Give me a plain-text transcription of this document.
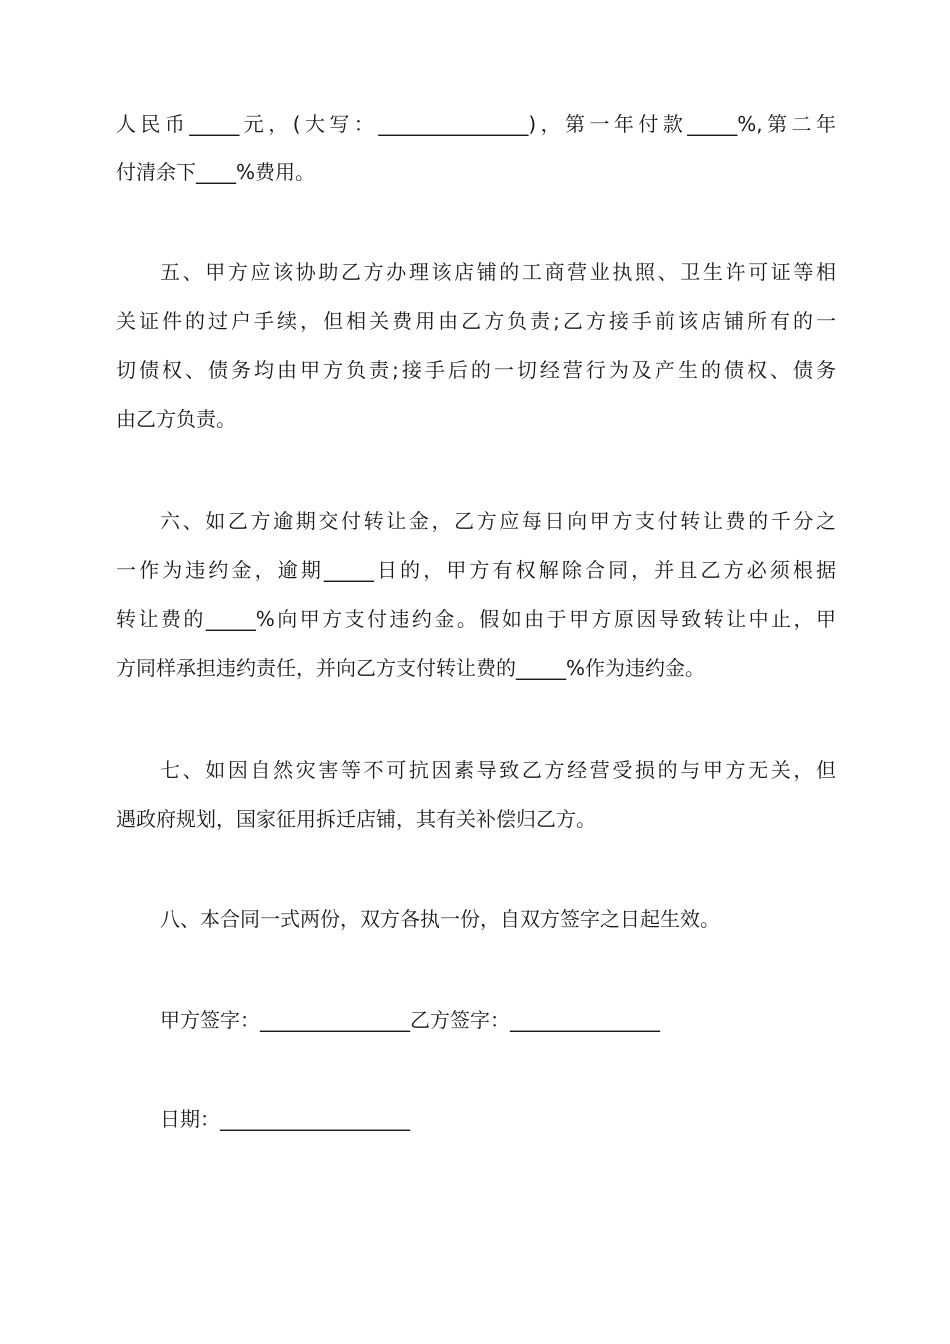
人民币_____元，(大写：_______________)，第一年付款_____%,第二年
付清余下____%费用。
五、甲方应该协助乙方办理该店铺的工商营业执照、卫生许可证等相
关证件的过户手续，但相关费用由乙方负责;乙方接手前该店铺所有的一
切债权、债务均由甲方负责;接手后的一切经营行为及产生的债权、债务
由乙方负责。
六、如乙方逾期交付转让金，乙方应每日向甲方支付转让费的千分之
一作为违约金，逾期_____日的，甲方有权解除合同，并且乙方必须根据
转让费的_____%向甲方支付违约金。假如由于甲方原因导致转让中止，甲
方同样承担违约责任，并向乙方支付转让费的_____%作为违约金。
七、如因自然灾害等不可抗因素导致乙方经营受损的与甲方无关，但
遇政府规划，国家征用拆迁店铺，其有关补偿归乙方。
八、本合同一式两份，双方各执一份，自双方签字之日起生效。
甲方签字：_______________乙方签字：_______________
日期：___________________
